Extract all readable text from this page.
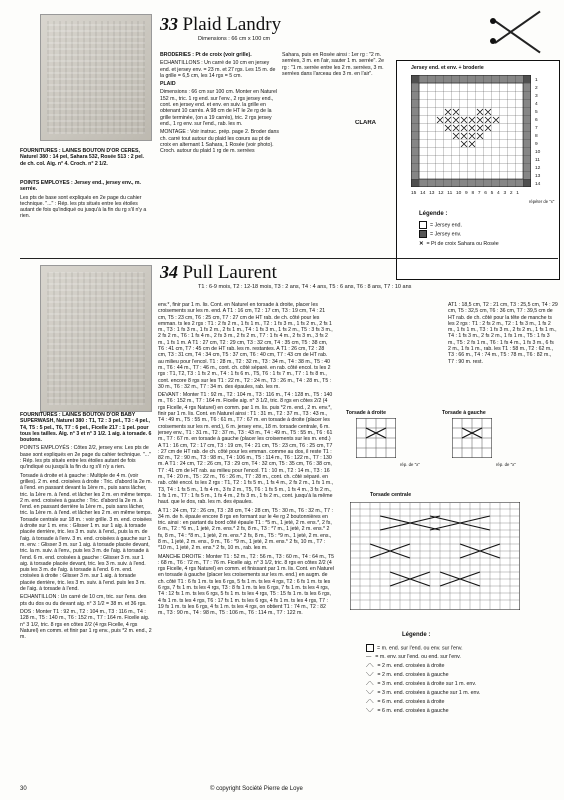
FOURNITURES : LAINES BOUTON D'OR CÉRÈS, Naturel 380 : 14 pel, Sahara 532, Rosée 513 : 2 pel. de ch. col. Aig. n° 4. Croch. n° 2 1/2.

POINTS EMPLOYÉS : Jersey end., jersey env., m. serrée.

Les pts de base sont expliqués en 2e page du cahier technique. "..." : Rép. les pts situés entre les étoiles autant de fois qu'indiqué ou jusqu'à la fin du rg s'il n'y a rien.

33 Plaid Landry
Dimensions : 66 cm x 100 cm

BRODERIES : Pt de croix (voir grille).

ECHANTILLONS : Un carré de 10 cm en jersey end. et jersey env. = 23 m. et 27 rgs. Les 15 m. de la grille = 6,5 cm, les 14 rgs = 5 cm.

PLAID

Dimensions : 66 cm sur 100 cm. Monter en Naturel 152 m., tric. 1 rg end. sur l'env., 2 rgs jersey end., cont. en jersey end. et env. en suiv. la grille en obtenant 10 carrés. A 98 cm de HT le 2e rg de la grille terminée, (on a 19 carrés), tric. 2 rgs jersey end., 1 rg env. sur l'end., rab. les m.

MONTAGE : Voir instruc. prép. page 2. Broder dans ch. carré tout autour du plaid les cœurs au pt de croix en alternant 1 Sahara, 1 Rosée (voir photo). Croch. autour du plaid 1 rg de m. serrées

Sahara, puis en Rosée ainsi : 1er rg : "2 m. serrées, 3 m. en l'air, sauter 1 m. serrée". 2e rg : "1 m. serrée entre les 2 m. serrées, 3 m. serrées dans l'arceau des 3 m. en l'air".

CLARA
Jersey end. et env. + broderie
1 2 3 4 5 6 7 8 9 10 11 12 13 14
15 14 13 12 11 10 9 8 7 6 5 4 3 2 1
répéter de "x"
Légende :
= Jersey end.
= Jersey env.
✕ = Pt de croix Sahara ou Rosée
34 Pull Laurent
T1 : 6-9 mois, T2 : 12-18 mois, T3 : 2 ans, T4 : 4 ans, T5 : 6 ans, T6 : 8 ans, T7 : 10 ans

FOURNITURES : LAINES BOUTON D'OR BABY SUPERWASH, Naturel 380 : T1, T2 : 3 pel., T3 : 4 pel., T4, T5 : 5 pel., T6, T7 : 6 pel., Ficelle 217 : 1 pel. pour tous les tailles. Aig. n° 3 et n° 3 1/2. 1 aig. à torsade. 6 boutons.

POINTS EMPLOYÉS : Côtes 2/2, jersey env. Les pts de base sont expliqués en 2e page du cahier technique. "..." : Rép. les pts situés entre les étoiles autant de fois qu'indiqué ou jusqu'à la fin du rg s'il n'y a rien.

Torsade à droite et à gauche : Multiple de 4 m. (voir grilles). 2 m. end. croisées à droite : Tric. d'abord la 2e m. à l'end. en passant devant la 1ère m., puis sans lâcher, tric. la 1ère m. à l'end. et lâcher les 2 m. en même temps. 2 m. end. croisées à gauche : Tric. d'abord la 2e m. à l'end. en passant derrière la 1ère m., puis sans lâcher, tric. la 1ère m. à l'end. et lâcher les 2 m. en même temps. Torsade centrale sur 18 m. : voir grille. 3 m. end. croisées à droite sur 1 m. env. : Glisser 1 m. sur 1 aig. à torsade placée derrière, tric. les 3 m. suiv. à l'end., puis la m. de l'aig. à torsade à l'env. 3 m. end. croisées à gauche sur 1 m. env. : Glisser 3 m. sur 1 aig. à torsade placée devant, tric. la m. suiv. à l'env., puis les 3 m. de l'aig. à torsade à l'end. 6 m. end. croisées à gauche : Glisser 3 m. sur 1 aig. à torsade placée devant, tric. les 3 m. suiv. à l'end. puis les 3 m. de l'aig. à torsade à l'end. 6 m. end. croisées à droite : Glisser 3 m. sur 1 aig. à torsade placée derrière, tric. les 3 m. suiv. à l'end. puis les 3 m. de l'aig. à torsade à l'end.

ECHANTILLON : Un carré de 10 cm, tric. sur l'ens. des pts du dos ou du devant aig. n° 3 1/2 = 38 m. et 36 rgs.

DOS : Monter T1 : 92 m., T2 : 104 m., T3 : 116 m., T4 : 128 m., T5 : 140 m., T6 : 152 m., T7 : 164 m. Ficelle aig. n° 3 1/2, tric. 8 rgs en côtes 2/2 (4 rgs Ficelle, 4 rgs Naturel) en comm. et finir par 1 rg env., puis *2 m. end., 2 m.

env.*, finir par 1 m. lis. Cont. en Naturel en torsade à droite, placer les croisements sur les m. end. A T1 : 16 cm, T2 : 17 cm, T3 : 19 cm, T4 : 21 cm, T5 : 23 cm, T6 : 25 cm, T7 : 27 cm de HT rab. de ch. côté pour les emman. ts les 2 rgs : T1 : 2 fs 2 m., 1 fs 1 m., T2 : 1 fs 3 m., 1 fs 2 m., 2 fs 1 m., T3 : 1 fs 3 m., 1 fs 2 m., 2 fs 1 m., T4 : 1 fs 3 m., 1 fs 2 m., T5 : 3 fs 3 m., 2 fs 2 m., T6 : 1 fs 4 m., 2 fs 3 m., 2 fs 2 m., T7 : 1 fs 4 m., 2 fs 3 m., 3 fs 2 m., 1 fs 1 m. A T1 : 27 cm, T2 : 29 cm, T3 : 32 cm, T4 : 35 cm, T5 : 38 cm, T6 : 41 cm, T7 : 45 cm de HT rab. les m. restantes. A T1 : 26 cm, T2 : 28 cm, T3 : 31 cm, T4 : 34 cm, T5 : 37 cm, T6 : 40 cm, T7 : 43 cm de HT rab. au milieu pour l'encol. T1 : 28 m., T2 : 32 m., T3 : 34 m., T4 : 38 m., T5 : 40 m., T6 : 44 m., T7 : 46 m., cont. ch. côté séparé. en rab. côté encol. ts les 2 rgs : T1, T2, T3 : 1 fs 2 m., T4 : 1 fs 6 m., T5, T6 : 1 fs 7 m., T7 : 1 fs 8 m., cont. encore 8 rgs sur les T1 : 22 m., T2 : 24 m., T3 : 26 m., T4 : 28 m., T5 : 30 m., T6 : 32 m., T7 : 34 m. des épaules, rab. les m.

DEVANT : Monter T1 : 92 m., T2 : 104 m., T3 : 116 m., T4 : 128 m., T5 : 140 m., T6 : 152 m., T7 : 164 m. Ficelle aig. n° 3 1/2, tric. 8 rgs en côtes 2/2 (4 rgs Ficelle, 4 rgs Naturel) en comm. par 1 m. lis. puis *2 m. end., 2 m. env.*, finir par 1 m. lis. Cont. en Naturel ainsi : T1 : 31 m., T2 : 37 m., T3 : 43 m., T4 : 49 m., T5 : 55 m., T6 : 61 m., T7 : 67 m. en torsade à droite (placer les croisements sur les m. end.), 6 m. jersey env., 18 m. torsade centrale, 6 m. jersey env., T1 : 31 m., T2 : 37 m., T3 : 43 m., T4 : 49 m., T5 : 55 m., T6 : 61 m., T7 : 67 m. en torsade à gauche (placer les croisements sur les m. end.) A T1 : 16 cm, T2 : 17 cm, T3 : 19 cm, T4 : 21 cm, T5 : 23 cm, T6 : 25 cm, T7 : 27 cm de HT rab. de ch. côté pour les emman. comme au dos, il reste T1 : 82 m., T2 : 90 m., T3 : 98 m., T4 : 106 m., T5 : 114 m., T6 : 122 m., T7 : 130 m. A T1 : 24 cm, T2 : 26 cm, T3 : 29 cm, T4 : 32 cm, T5 : 35 cm, T6 : 38 cm, T7 : 41 cm de HT rab. au milieu pour l'encol. T1 : 10 m., T2 : 14 m., T3 : 16 m., T4 : 20 m., T5 : 22 m., T6 : 26 m., T7 : 28 m., cont. ch. côté séparé. en rab. côté encol. ts les 2 rgs : T1, T2 : 1 fs 5 m., 1 fs 4 m., 2 fs 2 m., 1 fs 1 m., T3, T4 : 1 fs 5 m., 1 fs 4 m., 3 fs 2 m., T5, T6 : 1 fs 5 m., 1 fs 4 m., 3 fs 2 m., 1 fs 1 m., T7 : 1 fs 5 m., 1 fs 4 m., 2 fs 3 m., 1 fs 2 m., cont. jusqu'à la même haut. que le dos, rab. les m. des épaules.

A T1 : 24 cm, T2 : 26 cm, T3 : 28 cm, T4 : 28 cm, T5 : 30 m., T6 : 32 m., T7 : 34 m. de h. épaule encore 8 rgs en formant sur le 4e rg 2 boutonnières en tric. ainsi : en partant du bord côté épaule T1 : *5 m., 1 jeté, 2 m. ens.*, 2 fs, 6 m., T2 : *6 m., 1 jeté, 2 m. ens.* 2 fs, 8 m., T3 : *7 m., 1 jeté, 2 m. ens.* 2 fs, 8 m., T4 : *8 m., 1 jeté, 2 m. ens.* 2 fs, 8 m., T5 : *9 m., 1 jeté, 2 m. ens., 8 m., 1 jeté, 2 m. ens., 9 m., T6 : *9 m., 1 jeté, 2 m. ens.* 2 fs, 10 m., T7 : *10 m., 1 jeté, 2 m. ens.* 2 fs, 10 m., rab. les m.

MANCHE DROITE : Monter T1 : 52 m., T2 : 56 m., T3 : 60 m., T4 : 64 m., T5 : 68 m., T6 : 72 m., T7 : 76 m. Ficelle aig. n° 3 1/2, tric. 8 rgs en côtes 2/2 (4 rgs Ficelle, 4 rgs Naturel) en comm. et finissant par 1 m. lis. Cont. en Naturel en torsade à gauche (placer les croisements sur les m. end.) en augm. de ch. côté T1 : 6 fs 1 m. ts les 6 rgs, 5 fs 1 m. ts les 4 rgs, T2 : 6 fs 1 m. ts les 6 rgs, 7 fs 1 m. ts les 4 rgs, T3 : 8 fs 1 m. ts les 6 rgs, 7 fs 1 m. ts les 4 rgs, T4 : 12 fs 1 m. ts les 6 rgs, 5 fs 1 m. ts les 4 rgs, T5 : 15 fs 1 m. ts les 6 rgs, 4 fs 1 m. ts les 4 rgs, T6 : 17 fs 1 m. ts les 6 rgs, 4 fs 1 m. ts les 4 rgs, T7 : 19 fs 1 m. ts les 6 rgs, 4 fs 1 m. ts les 4 rgs, on obtient T1 : 74 m., T2 : 82 m., T3 : 90 m., T4 : 98 m., T5 : 106 m., T6 : 114 m., T7 : 122 m.

AT1 : 18,5 cm, T2 : 21 cm, T3 : 25,5 cm, T4 : 29 cm, T5 : 32,5 cm, T6 : 36 cm, T7 : 39,5 cm de HT rab. de ch. côté pour la tête de manche ts les 2 rgs : T1 : 2 fs 2 m., T2 : 1 fs 3 m., 1 fs 2 m., 1 fs 1 m., T3 : 1 fs 3 m., 2 fs 2 m., 1 fs 1 m., T4 : 1 fs 3 m., 2 fs 2 m., 1 fs 1 m., T5 : 1 fs 3 m., T5 : 2 fs 1 m., T6 : 1 fs 4 m., 1 fs 3 m., 6 fs 2 m., 1 fs 1 m., rab. les T1 : 58 m., T2 : 62 m., T3 : 66 m., T4 : 74 m., T5 : 78 m., T6 : 82 m., T7 : 90 m. rest.

Torsade à droite	Torsade à gauche
rép. de "x"	rép. de "x"
Torsade centrale
Légende :
= m. end. sur l'end. ou env. sur l'env.
— = m. env. sur l'end. ou end. sur l'env.
⟋⟍ = 2 m. end. croisées à droite
⟍⟋ = 2 m. end. croisées à gauche
⟋⟍ = 3 m. end. croisées à droite sur 1 m. env.
⟍⟋ = 3 m. end. croisées à gauche sur 1 m. env.
⟋⟍ = 6 m. end. croisées à droite
⟍⟋ = 6 m. end. croisées à gauche
30	© copyright Société Pierre de Loye
